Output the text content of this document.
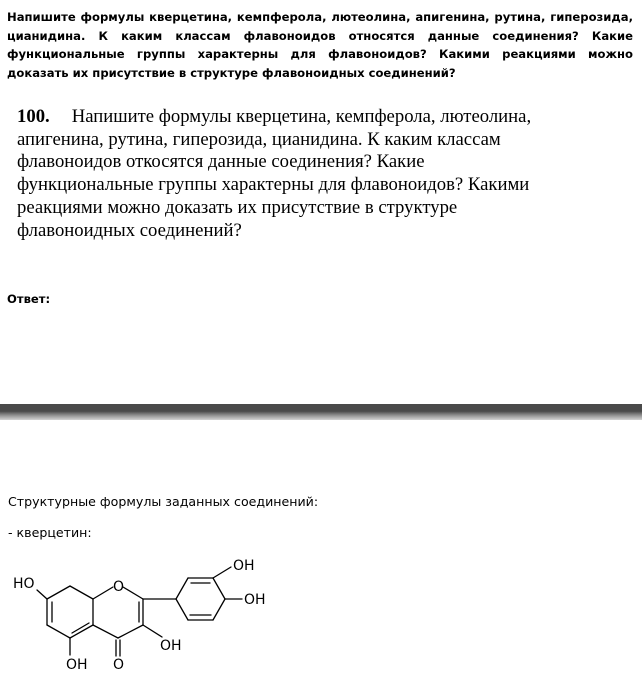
Напишите формулы кверцетина, кемпферола, лютеолина, апигенина, рутина, гиперозида, цианидина. К каким классам флавоноидов относятся данные соединения? Какие функциональные группы характерны для флавоноидов? Какими реакциями можно доказать их присутствие в структуре флавоноидных соединений?
100. Напишите формулы кверцетина, кемпферола, лютеолина,
апигенина, рутина, гиперозида, цианидина. К каким классам
флавоноидов откосятся данные соединения? Какие
функциональные группы характерны для флавоноидов? Какими
реакциями можно доказать их присутствие в структуре
флавоноидных соединений?
Ответ:
Структурные формулы заданных соединений:
- кверцетин:
HO	O
OH
OH
OH
OH O
